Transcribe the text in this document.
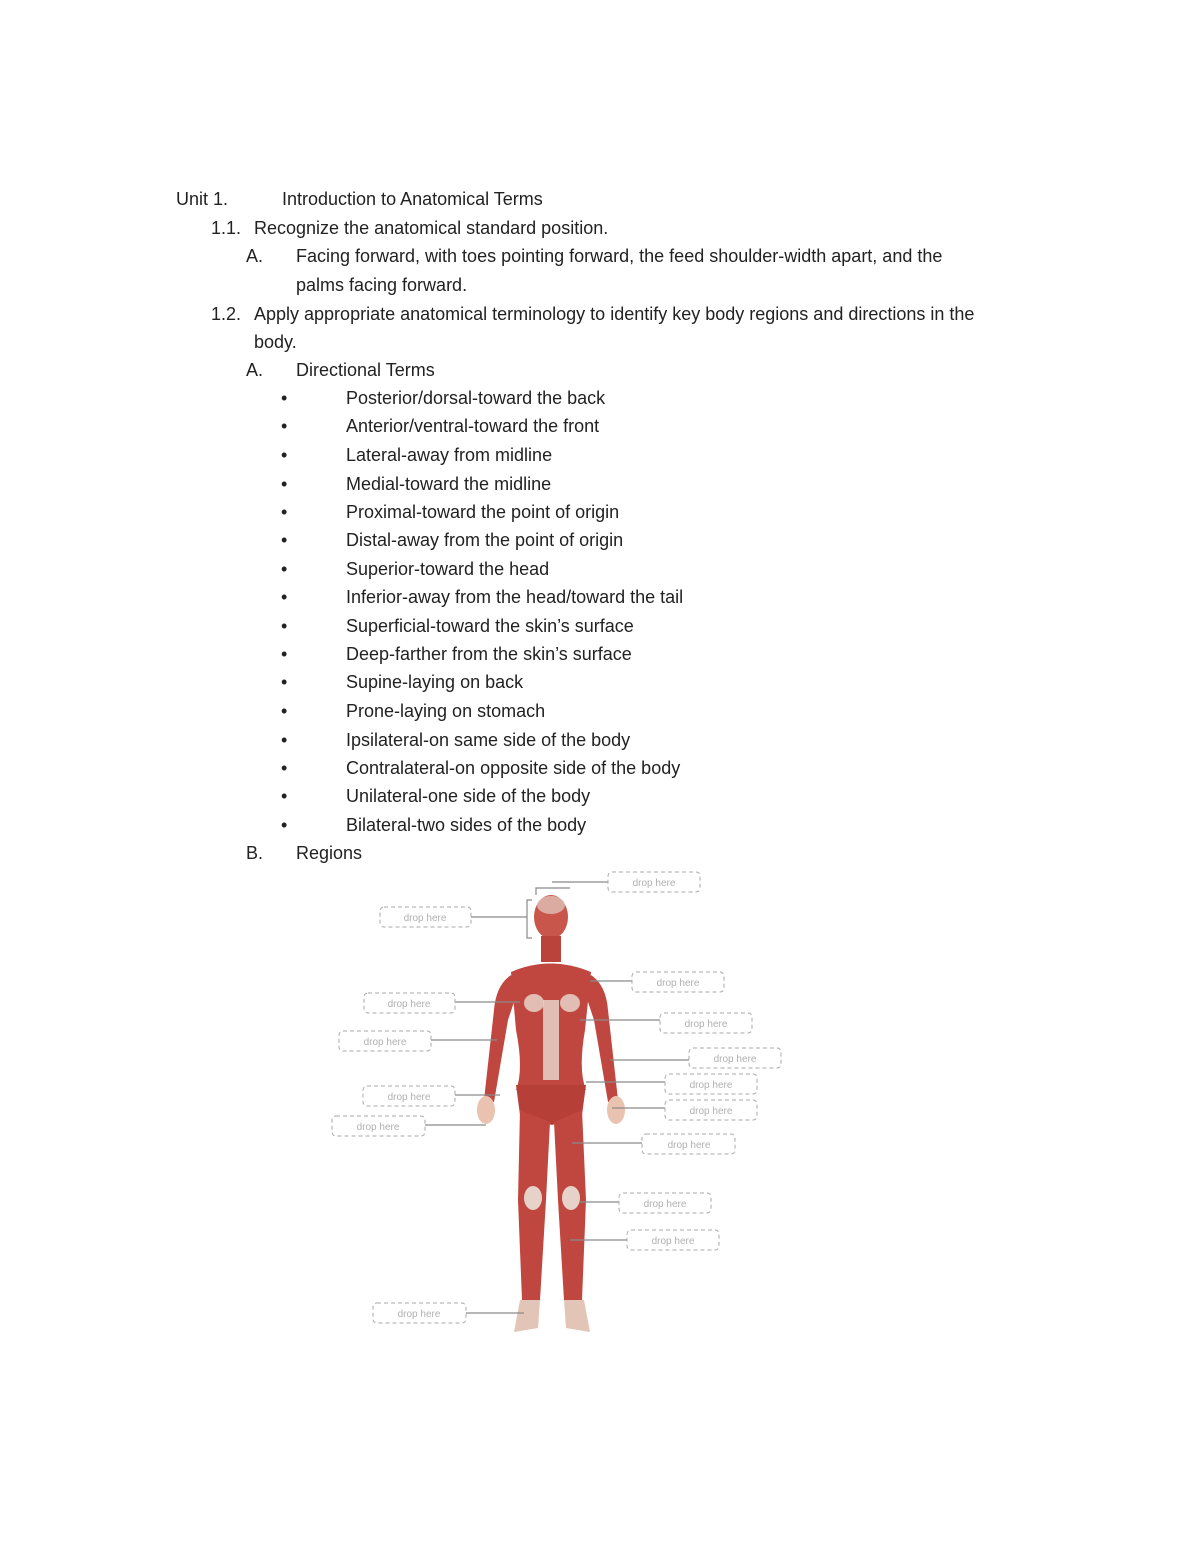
Unit 1.	Introduction to Anatomical Terms
1.1. Recognize the anatomical standard position.
A. Facing forward, with toes pointing forward, the feed shoulder-width apart, and the
palms facing forward.
1.2. Apply appropriate anatomical terminology to identify key body regions and directions in the
body.
A. Directional Terms
•	Posterior/dorsal-toward the back
•	Anterior/ventral-toward the front
•	Lateral-away from midline
•	Medial-toward the midline
•	Proximal-toward the point of origin
•	Distal-away from the point of origin
•	Superior-toward the head
•	Inferior-away from the head/toward the tail
•	Superficial-toward the skin’s surface
•	Deep-farther from the skin’s surface
•	Supine-laying on back
•	Prone-laying on stomach
•	Ipsilateral-on same side of the body
•	Contralateral-on opposite side of the body
•	Unilateral-one side of the body
•	Bilateral-two sides of the body
B. Regions
drop here
drop here
drop here
drop here
drop here
drop here
drop here
drop here
drop here
drop here
drop here
drop here
drop here
drop here
drop here
